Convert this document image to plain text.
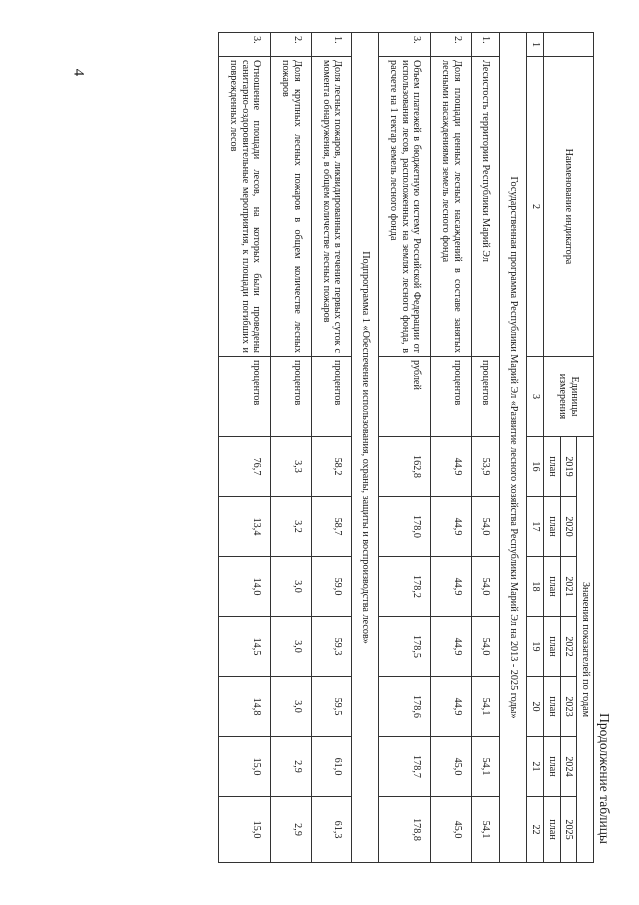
4
Продолжение таблицы
	Наименование индикатора	Единицы измерения	Значения показателей по годам						
			2019	2020	2021	2022	2023	2024	2025
			план	план	план	план	план	план	план
1	2	3	16	17	18	19	20	21	22
Государственная программа Республики Марий Эл «Развитие лесного хозяйства Республики Марий Эл на 2013 - 2025 годы»									
1.	Лесистость территории Республики Марий Эл	процентов	53,9	54,0	54,0	54,0	54,1	54,1	54,1
2.	Доля площади ценных лесных насаждений в составе занятых лесными насаждениями земель лесного фонда	процентов	44,9	44,9	44,9	44,9	44,9	45,0	45,0
3.	Объем платежей в бюджетную систему Российской Федерации от использования лесов, расположенных на землях лесного фонда, в расчете на 1 гектар земель лесного фонда	рублей	162,8	178,0	178,2	178,5	178,6	178,7	178,8
Подпрограмма 1 «Обеспечение использования, охраны, защиты и воспроизводства лесов»									
1.	Доля лесных пожаров, ликвидированных в течение первых суток с момента обнаружения, в общем количестве лесных пожаров	процентов	58,2	58,7	59,0	59,3	59,5	61,0	61,3
2.	Доля крупных лесных пожаров в общем количестве лесных пожаров	процентов	3,3	3,2	3,0	3,0	3,0	2,9	2,9
3.	Отношение площади лесов, на которых были проведены санитарно-оздоровительные мероприятия, к площади погибших и поврежденных лесов	процентов	76,7	13,4	14,0	14,5	14,8	15,0	15,0
